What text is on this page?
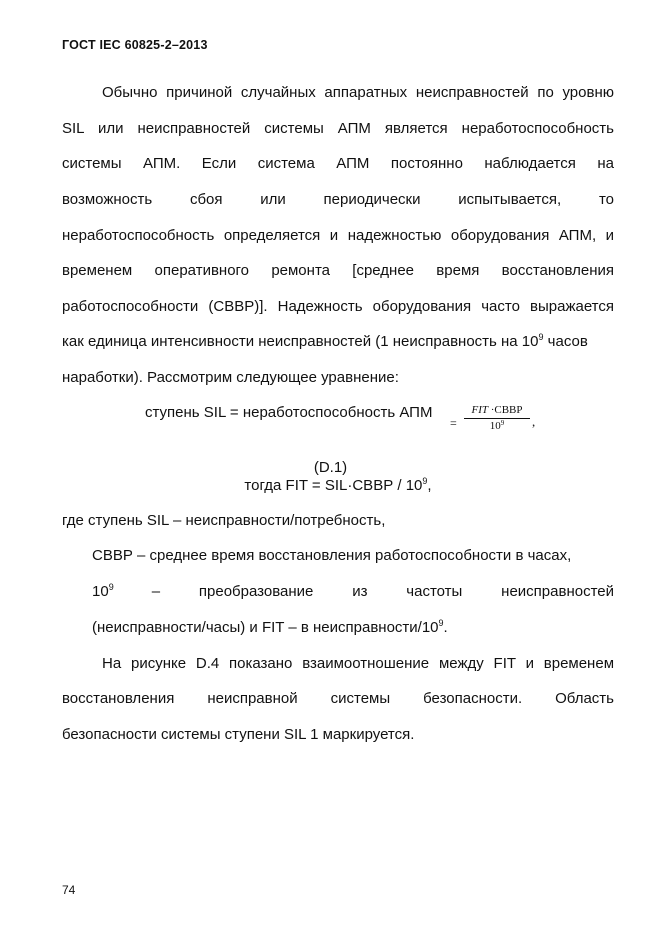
ГОСТ IEC 60825-2–2013
Обычно причиной случайных аппаратных неисправностей по уровню
SIL или неисправностей системы АПМ является неработоспособность
системы АПМ. Если система АПМ постоянно наблюдается на
возможность сбоя или периодически испытывается, то
неработоспособность определяется и надежностью оборудования АПМ, и
временем оперативного ремонта [среднее время восстановления
работоспособности (СВВР)]. Надежность оборудования часто выражается
как единица интенсивности неисправностей (1 неисправность на $10^9$ часов
наработки). Рассмотрим следующее уравнение:
ступень SIL = неработоспособность АПМ
=
FIT ·СВВР
$10^9$	,
(D.1)
тогда FIT = SIL·СВВР / $10^9$,
где ступень SIL – неисправности/потребность,
СВВР – среднее время восстановления работоспособности в часах,
$10^9$	– преобразование из частоты неисправностей
(неисправности/часы) и FIT – в неисправности/$10^9$.
На рисунке D.4 показано взаимоотношение между FIT и временем
восстановления неисправной системы безопасности. Область
безопасности системы ступени SIL 1 маркируется.
74
